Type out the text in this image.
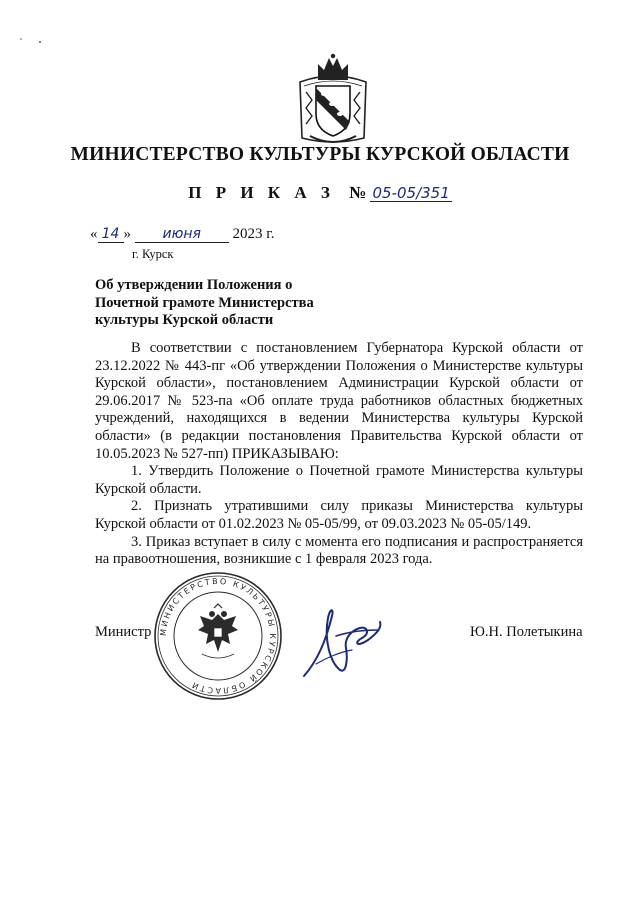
МИНИСТЕРСТВО КУЛЬТУРЫ КУРСКОЙ ОБЛАСТИ
П Р И К А З № 05-05/351
« 14 » июня 2023 г.
г. Курск
Об утверждении Положения о
Почетной грамоте Министерства
культуры Курской области

В соответствии с постановлением Губернатора Курской области от 23.12.2022 № 443-пг «Об утверждении Положения о Министерстве культуры Курской области», постановлением Администрации Курской области от 29.06.2017 № 523-па «Об оплате труда работников областных бюджетных учреждений, находящихся в ведении Министерства культуры Курской области» (в редакции постановления Правительства Курской области от 10.05.2023 № 527-пп) ПРИКАЗЫВАЮ:

1. Утвердить Положение о Почетной грамоте Министерства культуры Курской области.

2. Признать утратившими силу приказы Министерства культуры Курской области от 01.02.2023 № 05-05/99, от 09.03.2023 № 05-05/149.

3. Приказ вступает в силу с момента его подписания и распространяется на правоотношения, возникшие с 1 февраля 2023 года.

МИНИСТЕРСТВО КУЛЬТУРЫ КУРСКОЙ ОБЛАСТИ
Министр	Ю.Н. Полетыкина
